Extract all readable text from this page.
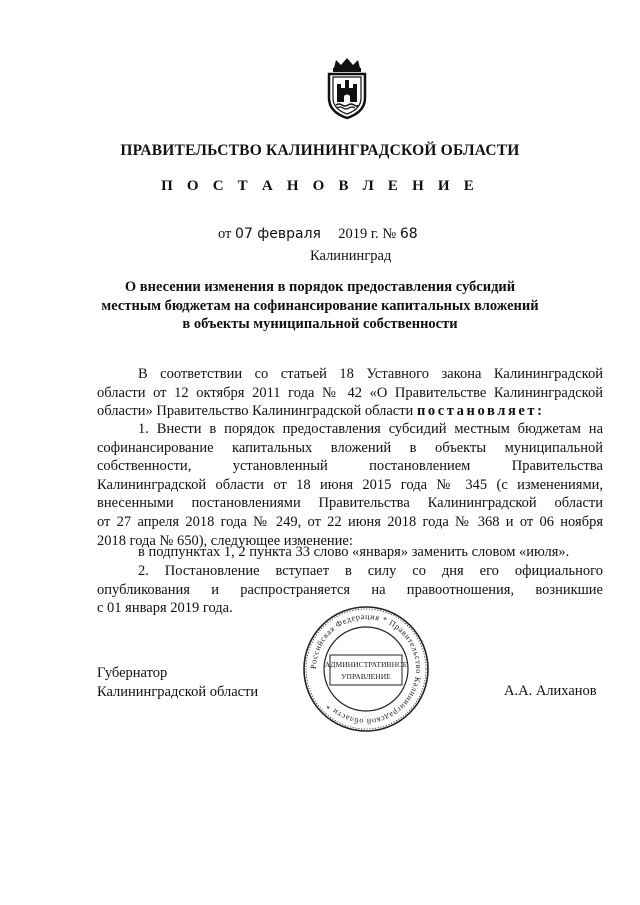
ПРАВИТЕЛЬСТВО КАЛИНИНГРАДСКОЙ ОБЛАСТИ
П О С Т А Н О В Л Е Н И Е
от 07 февраля 2019 г. № 68
Калининград
О внесении изменения в порядок предоставления субсидий
местным бюджетам на софинансирование капитальных вложений
в объекты муниципальной собственности
В соответствии со статьей 18 Уставного закона Калининградской
области от 12 октября 2011 года № 42 «О Правительстве Калининградской
области» Правительство Калининградской области постановляет:
1. Внести в порядок предоставления субсидий местным бюджетам на
софинансирование капитальных вложений в объекты муниципальной
собственности, установленный постановлением Правительства
Калининградской области от 18 июня 2015 года № 345 (с изменениями,
внесенными постановлениями Правительства Калининградской области
от 27 апреля 2018 года № 249, от 22 июня 2018 года № 368 и от 06 ноября
2018 года № 650), следующее изменение:
в подпунктах 1, 2 пункта 33 слово «января» заменить словом «июля».
2. Постановление вступает в силу со дня его официального
опубликования и распространяется на правоотношения, возникшие
с 01 января 2019 года.
Губернатор
Калининградской области	А.А. Алиханов
Российская Федерация * Правительство Калининградской области *
АДМИНИСТРАТИВНОЕ
УПРАВЛЕНИЕ
